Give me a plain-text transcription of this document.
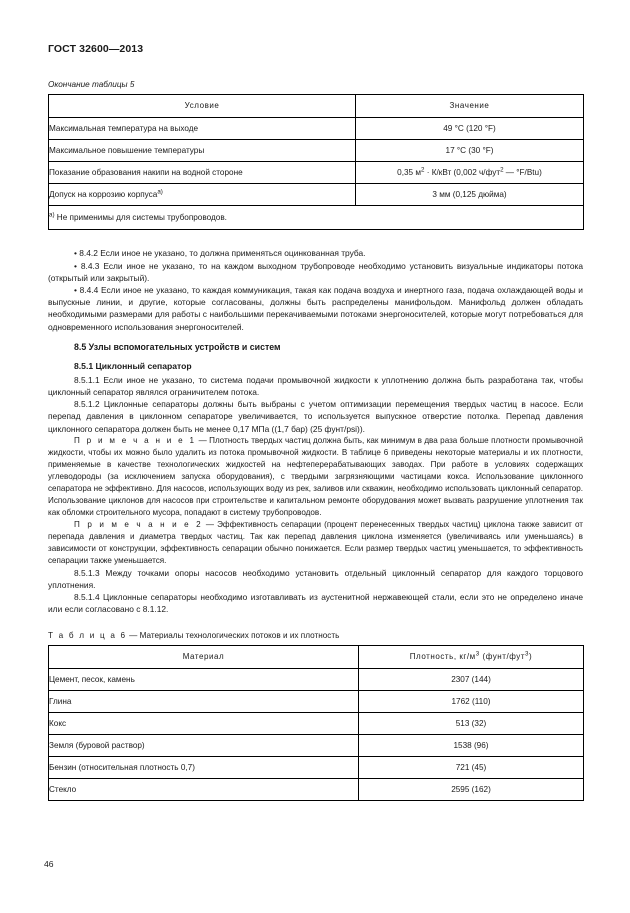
ГОСТ 32600—2013
Окончание таблицы 5
Условие	Значение
Максимальная температура на выходе	49 °C (120 °F)
Максимальное повышение температуры	17 °C (30 °F)
Показание образования накипи на водной стороне	0,35 $м^2 \cdot К/кВт$ (0,002 ч/фут$^2$ — °F/Btu)
Допуск на коррозию корпуса$^{а)}$	3 мм (0,125 дюйма)
$^{а)}$ Не применимы для системы трубопроводов.	

• 8.4.2 Если иное не указано, то должна применяться оцинкованная труба.

• 8.4.3 Если иное не указано, то на каждом выходном трубопроводе необходимо установить визуальные индикаторы потока (открытый или закрытый).

• 8.4.4 Если иное не указано, то каждая коммуникация, такая как подача воздуха и инертного газа, подача охлаждающей воды и выпускные линии, и другие, которые согласованы, должны быть распределены манифольдом. Манифольд должен обладать необходимыми размерами для работы с наибольшими перекачиваемыми потоками энергоносителей, которые могут потребоваться для одновременного использования энергоносителей.

8.5 Узлы вспомогательных устройств и систем
8.5.1 Циклонный сепаратор

8.5.1.1 Если иное не указано, то система подачи промывочной жидкости к уплотнению должна быть разработана так, чтобы циклонный сепаратор являлся ограничителем потока.

8.5.1.2 Циклонные сепараторы должны быть выбраны с учетом оптимизации перемещения твердых частиц в насосе. Если перепад давления в циклонном сепараторе увеличивается, то используется выпускное отверстие потолка. Перепад давления циклонного сепаратора должен быть не менее 0,17 МПа ((1,7 бар) (25 фунт/psi)).

П р и м е ч а н и е 1 — Плотность твердых частиц должна быть, как минимум в два раза больше плотности промывочной жидкости, чтобы их можно было удалить из потока промывочной жидкости. В таблице 6 приведены некоторые материалы и их плотности, применяемые в качестве технологических жидкостей на нефтеперерабатывающих заводах. При работе в условиях содержащих углеводороды (за исключением запуска оборудования), с твердыми загрязняющими частицами кокса. Использование циклонного сепаратора не эффективно. Для насосов, использующих воду из рек, заливов или скважин, необходимо использовать циклонный сепаратор. Использование циклонов для насосов при строительстве и капитальном ремонте оборудования может вызвать разрушение уплотнения так как обломки строительного мусора, попадают в систему трубопроводов.

П р и м е ч а н и е 2 — Эффективность сепарации (процент перенесенных твердых частиц) циклона также зависит от перепада давления и диаметра твердых частиц. Так как перепад давления циклона изменяется (увеличиваясь или уменьшаясь) в зависимости от конструкции, эффективность сепарации обычно понижается. Если размер твердых частиц уменьшается, то эффективность сепарации также уменьшается.

8.5.1.3 Между точками опоры насосов необходимо установить отдельный циклонный сепаратор для каждого торцового уплотнения.

8.5.1.4 Циклонные сепараторы необходимо изготавливать из аустенитной нержавеющей стали, если это не определено иначе или если согласовано с 8.1.12.

Т а б л и ц а 6 — Материалы технологических потоков и их плотность
Материал	Плотность, $кг/м^3$ (фунт/фут$^3$)
Цемент, песок, камень	2307 (144)
Глина	1762 (110)
Кокс	513 (32)
Земля (буровой раствор)	1538 (96)
Бензин (относительная плотность 0,7)	721 (45)
Стекло	2595 (162)
46
